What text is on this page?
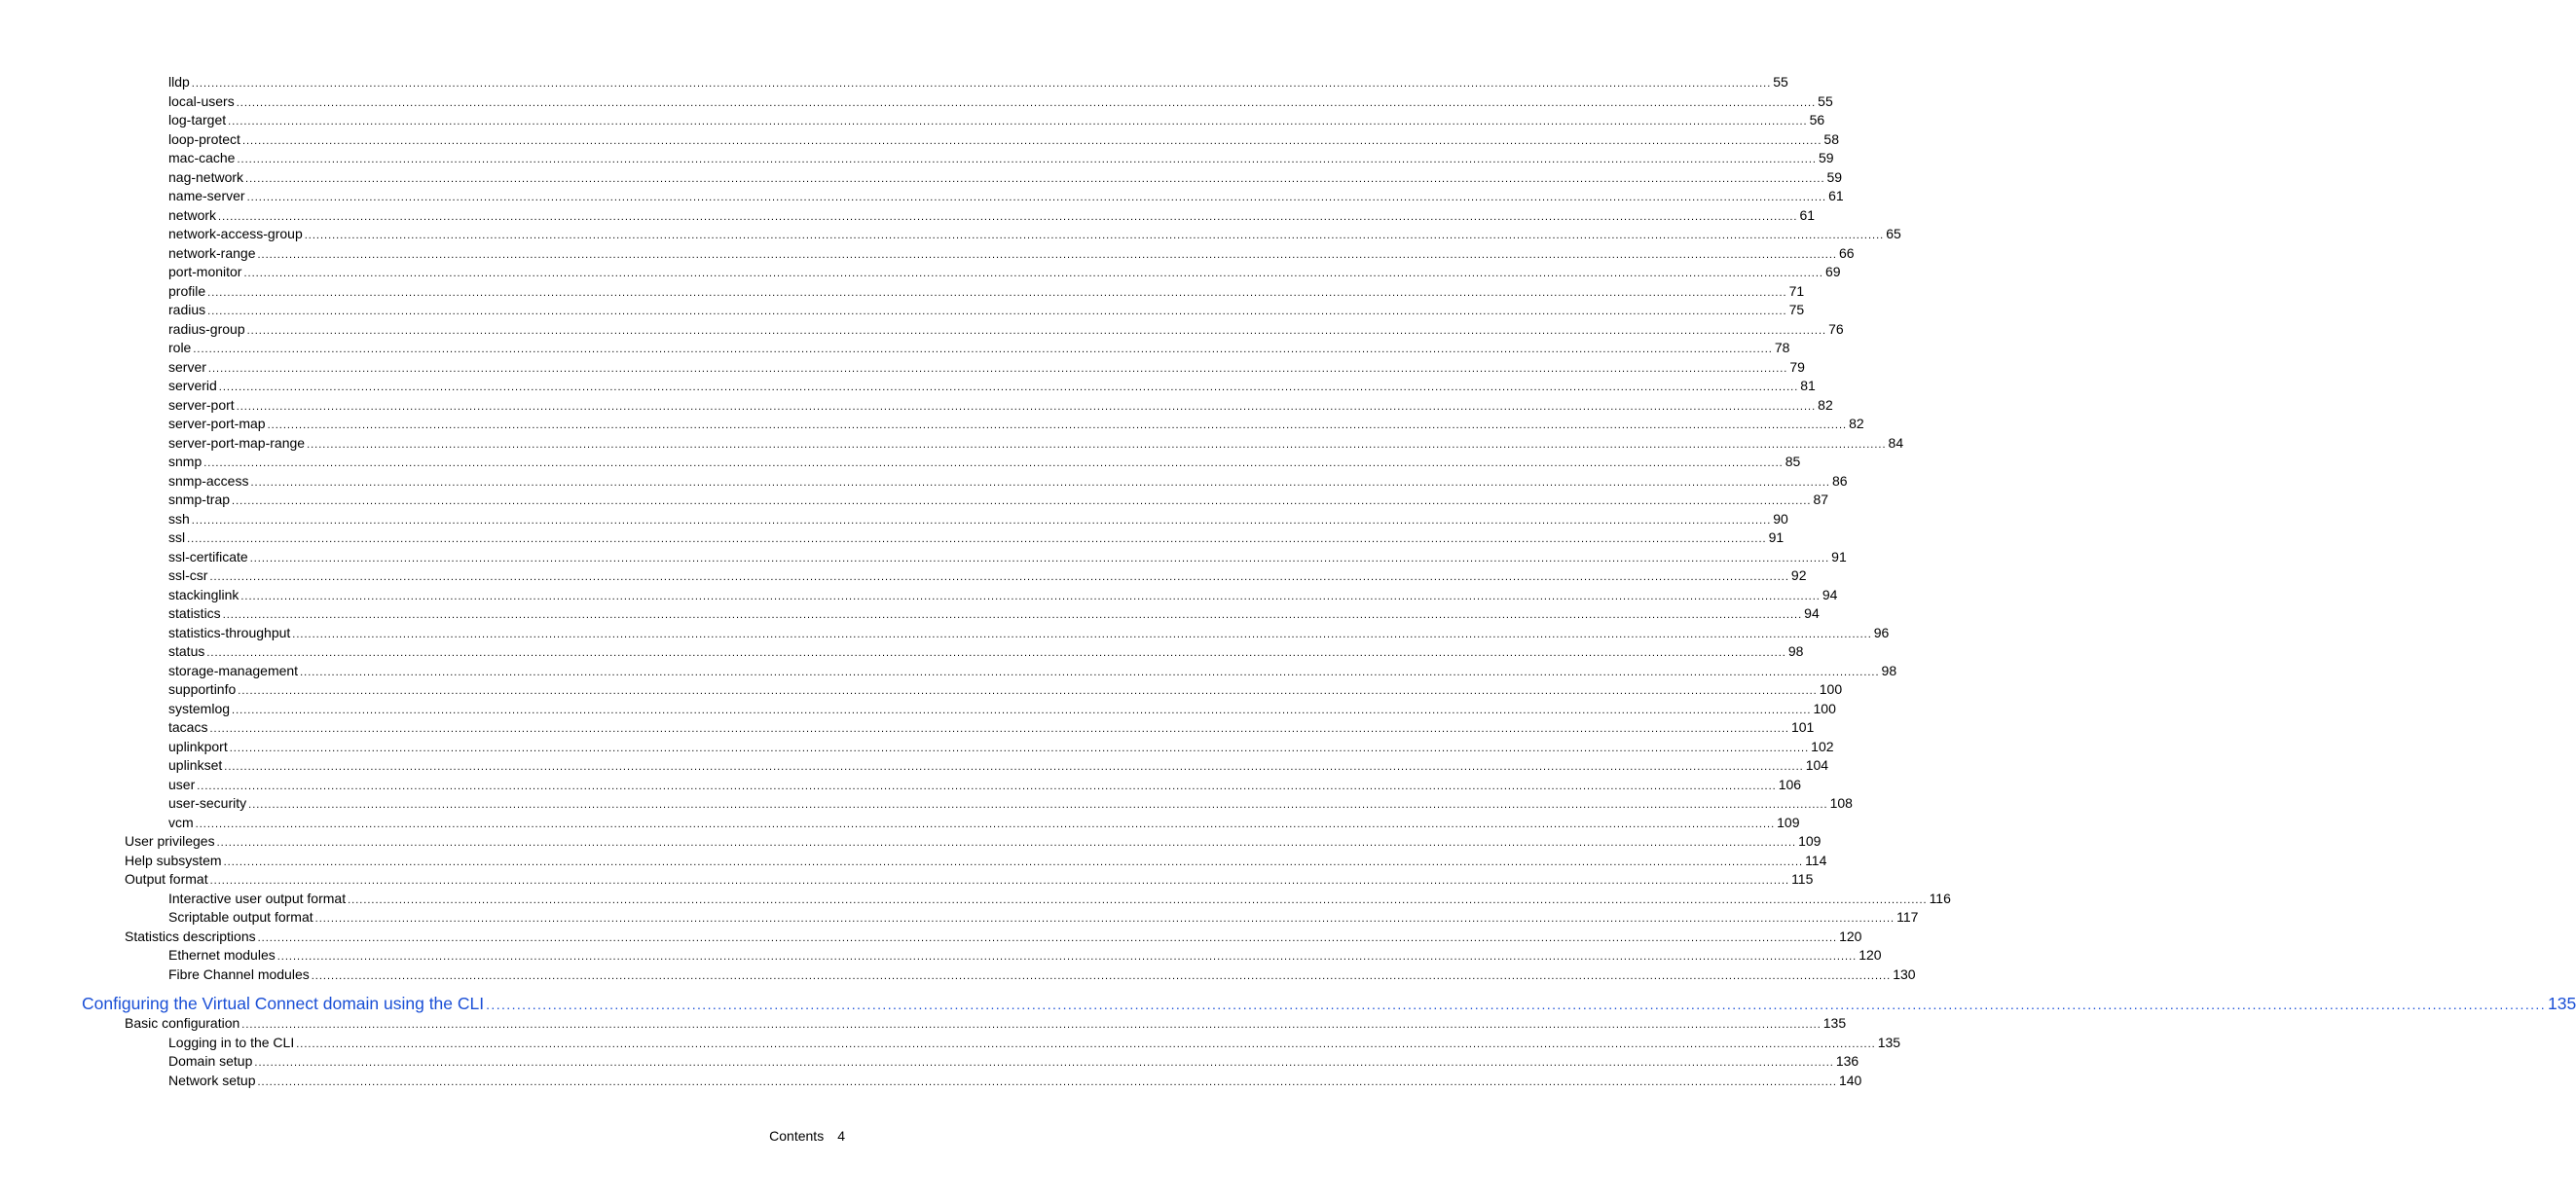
lldp ................................................................................................................................................................................................................................................................................................................................................................................................................ 55
local-users ................................................................................................................................................................................................................................................................................................................................................................................................................ 55
log-target ................................................................................................................................................................................................................................................................................................................................................................................................................ 56
loop-protect ................................................................................................................................................................................................................................................................................................................................................................................................................ 58
mac-cache ................................................................................................................................................................................................................................................................................................................................................................................................................ 59
nag-network ................................................................................................................................................................................................................................................................................................................................................................................................................ 59
name-server ................................................................................................................................................................................................................................................................................................................................................................................................................ 61
network ................................................................................................................................................................................................................................................................................................................................................................................................................ 61
network-access-group ................................................................................................................................................................................................................................................................................................................................................................................................................ 65
network-range ................................................................................................................................................................................................................................................................................................................................................................................................................ 66
port-monitor ................................................................................................................................................................................................................................................................................................................................................................................................................ 69
profile ................................................................................................................................................................................................................................................................................................................................................................................................................ 71
radius ................................................................................................................................................................................................................................................................................................................................................................................................................ 75
radius-group ................................................................................................................................................................................................................................................................................................................................................................................................................ 76
role ................................................................................................................................................................................................................................................................................................................................................................................................................ 78
server ................................................................................................................................................................................................................................................................................................................................................................................................................ 79
serverid ................................................................................................................................................................................................................................................................................................................................................................................................................ 81
server-port ................................................................................................................................................................................................................................................................................................................................................................................................................ 82
server-port-map ................................................................................................................................................................................................................................................................................................................................................................................................................ 82
server-port-map-range ................................................................................................................................................................................................................................................................................................................................................................................................................ 84
snmp ................................................................................................................................................................................................................................................................................................................................................................................................................ 85
snmp-access ................................................................................................................................................................................................................................................................................................................................................................................................................ 86
snmp-trap ................................................................................................................................................................................................................................................................................................................................................................................................................ 87
ssh ................................................................................................................................................................................................................................................................................................................................................................................................................ 90
ssl ................................................................................................................................................................................................................................................................................................................................................................................................................ 91
ssl-certificate ................................................................................................................................................................................................................................................................................................................................................................................................................ 91
ssl-csr ................................................................................................................................................................................................................................................................................................................................................................................................................ 92
stackinglink ................................................................................................................................................................................................................................................................................................................................................................................................................ 94
statistics ................................................................................................................................................................................................................................................................................................................................................................................................................ 94
statistics-throughput ................................................................................................................................................................................................................................................................................................................................................................................................................ 96
status ................................................................................................................................................................................................................................................................................................................................................................................................................ 98
storage-management ................................................................................................................................................................................................................................................................................................................................................................................................................ 98
supportinfo ................................................................................................................................................................................................................................................................................................................................................................................................................ 100
systemlog ................................................................................................................................................................................................................................................................................................................................................................................................................ 100
tacacs ................................................................................................................................................................................................................................................................................................................................................................................................................ 101
uplinkport ................................................................................................................................................................................................................................................................................................................................................................................................................ 102
uplinkset ................................................................................................................................................................................................................................................................................................................................................................................................................ 104
user ................................................................................................................................................................................................................................................................................................................................................................................................................ 106
user-security ................................................................................................................................................................................................................................................................................................................................................................................................................ 108
vcm ................................................................................................................................................................................................................................................................................................................................................................................................................ 109
User privileges ................................................................................................................................................................................................................................................................................................................................................................................................................ 109
Help subsystem ................................................................................................................................................................................................................................................................................................................................................................................................................ 114
Output format ................................................................................................................................................................................................................................................................................................................................................................................................................ 115
Interactive user output format ................................................................................................................................................................................................................................................................................................................................................................................................................ 116
Scriptable output format ................................................................................................................................................................................................................................................................................................................................................................................................................ 117
Statistics descriptions ................................................................................................................................................................................................................................................................................................................................................................................................................ 120
Ethernet modules ................................................................................................................................................................................................................................................................................................................................................................................................................ 120
Fibre Channel modules ................................................................................................................................................................................................................................................................................................................................................................................................................ 130
Configuring the Virtual Connect domain using the CLI ................................................................................................................................................................................................................................................................................................................................................................................................................ 135
Basic configuration ................................................................................................................................................................................................................................................................................................................................................................................................................ 135
Logging in to the CLI ................................................................................................................................................................................................................................................................................................................................................................................................................ 135
Domain setup ................................................................................................................................................................................................................................................................................................................................................................................................................ 136
Network setup ................................................................................................................................................................................................................................................................................................................................................................................................................ 140
Contents 4
